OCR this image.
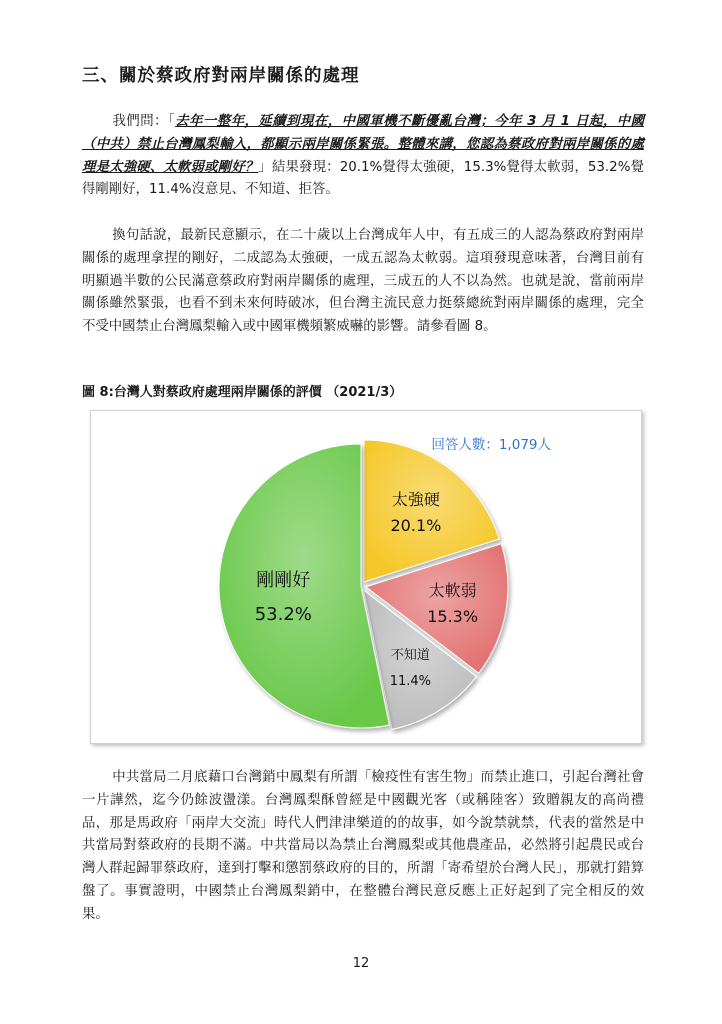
三、關於蔡政府對兩岸關係的處理
我們問：「去年一整年，延續到現在，中國軍機不斷優亂台灣；今年 3 月 1 日起，中國（中共）禁止台灣鳳梨輸入，都顯示兩岸關係緊張。整體來講，您認為蔡政府對兩岸關係的處理是太強硬、太軟弱或剛好？」結果發現：20.1%覺得太強硬，15.3%覺得太軟弱，53.2%覺得剛剛好，11.4%沒意見、不知道、拒答。
換句話說，最新民意顯示，在二十歲以上台灣成年人中，有五成三的人認為蔡政府對兩岸關係的處理拿捏的剛好，二成認為太強硬，一成五認為太軟弱。這項發現意味著，台灣目前有明顯過半數的公民滿意蔡政府對兩岸關係的處理，三成五的人不以為然。也就是說，當前兩岸關係雖然緊張，也看不到未來何時破冰，但台灣主流民意力挺蔡總統對兩岸關係的處理，完全不受中國禁止台灣鳳梨輸入或中國軍機頻繁威嚇的影響。請參看圖 8。
圖 8:台灣人對蔡政府處理兩岸關係的評價 （2021/3）
太強硬
20.1%
太軟弱
15.3%
不知道
11.4%
剛剛好
53.2%
回答人數：1,079人
中共當局二月底藉口台灣銷中鳳梨有所謂「檢疫性有害生物」而禁止進口，引起台灣社會一片譁然，迄今仍餘波盪漾。台灣鳳梨酥曾經是中國觀光客（或稱陸客）致贈親友的高尚禮品，那是馬政府「兩岸大交流」時代人們津津樂道的的故事，如今說禁就禁，代表的當然是中共當局對蔡政府的長期不滿。中共當局以為禁止台灣鳳梨或其他農產品，必然將引起農民或台灣人群起歸罪蔡政府，達到打擊和懲罰蔡政府的目的，所謂「寄希望於台灣人民」，那就打錯算盤了。事實證明，中國禁止台灣鳳梨銷中，在整體台灣民意反應上正好起到了完全相反的效果。
12
